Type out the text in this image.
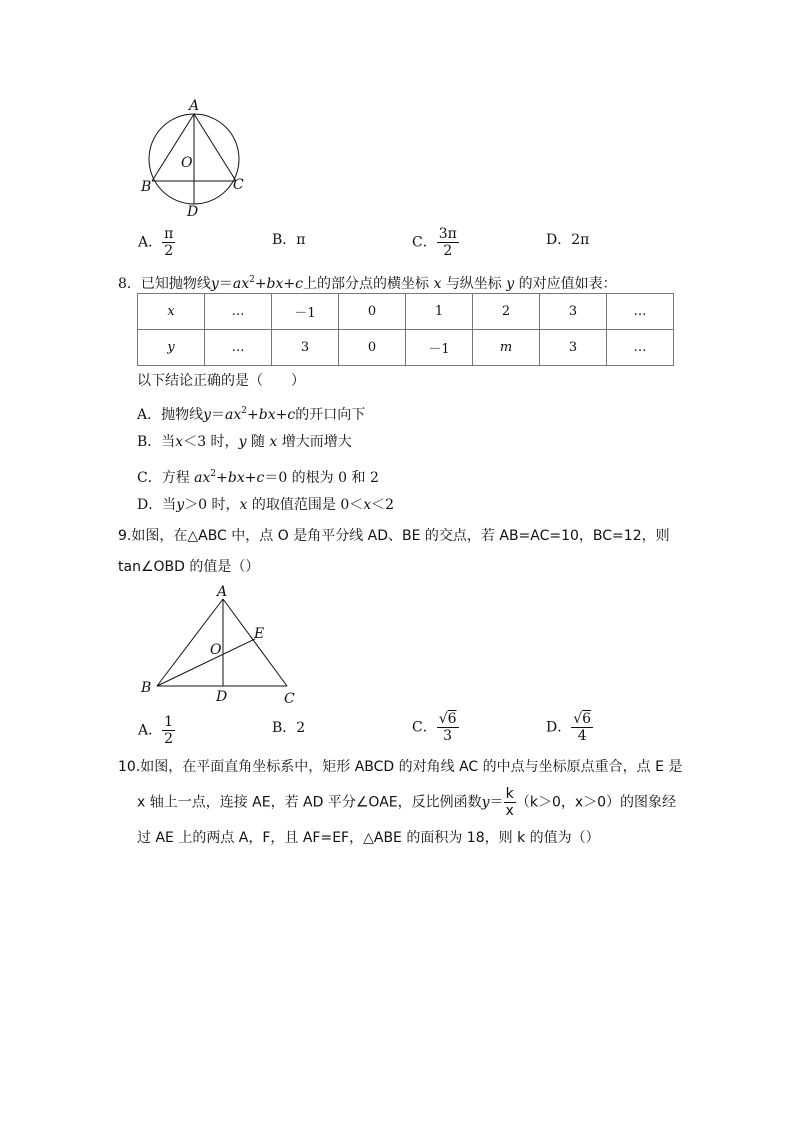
A
O
B	C
D
A． $\frac{\pi}{2}$	B．π	C． $\frac{3\pi}{2}$	D．2π
8．已知抛物线$y=ax^2+bx+c$上的部分点的横坐标 x 与纵坐标 y 的对应值如表：
x	…	－1	0	1	2	3	…
y	…	3	0	－1	m	3	…
以下结论正确的是（　　）
A．抛物线$y=ax^2+bx+c$的开口向下
B．当x＜3 时，y 随 x 增大而增大
C．方程 $ax^2+bx+c=0$ 的根为 0 和 2
D．当y＞0 时，x 的取值范围是 0＜x＜2
9.如图，在△ABC 中，点 O 是角平分线 AD、BE 的交点，若 AB=AC=10，BC=12，则
tan∠OBD 的值是（）
A
E
O
B
D	C
A． $\frac{1}{2}$	B．2	C． $\frac{√6}{3}$	D． $\frac{√6}{4}$
10.如图，在平面直角坐标系中，矩形 ABCD 的对角线 AC 的中点与坐标原点重合，点 E 是
x 轴上一点，连接 AE，若 AD 平分∠OAE，反比例函数$y= \frac{k}{x} (k>0$，x＞0）的图象经
过 AE 上的两点 A，F，且 AF=EF，△ABE 的面积为 18，则 k 的值为（）
